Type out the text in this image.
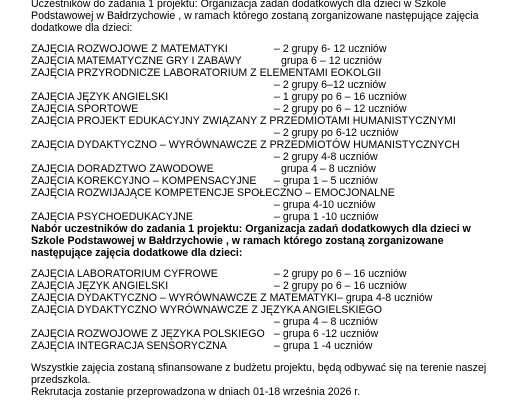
Uczestników do zadania 1 projektu: Organizacja zadań dodatkowych dla dzieci w Szkole
Podstawowej w Bałdrzychowie , w ramach którego zostaną zorganizowane następujące zajęcia
dodatkowe dla dzieci:
ZAJĘCIA ROZWOJOWE Z MATEMATYKI	– 2 grupy 6- 12 uczniów
ZAJĘCIA MATEMATYCZNE GRY I ZABAWY	grupa 6 – 12 uczniów
ZAJĘCIA PRZYRODNICZE LABORATORIUM Z ELEMENTAMI EOKOLGII
– 2 grupy 6–12 uczniów
ZAJĘCIA JĘZYK ANGIELSKI	– 1 grupy po 6 – 16 uczniów
ZAJĘCIA SPORTOWE	– 2 grupy po 6 – 12 uczniów
ZAJĘCIA PROJEKT EDUKACYJNY ZWIĄZANY Z PRZEDMIOTAMI HUMANISTYCZNYMI
– 2 grupy po 6-12 uczniów
ZAJĘCIA DYDAKTYCZNO – WYRÓWNAWCZE Z PRZEDMIOTÓW HUMANISTYCZNYCH
– 2 grupy 4-8 uczniów
ZAJĘCIA DORADZTWO ZAWODOWE	grupa 4 – 8 uczniów
ZAJĘCIA KOREKCYJNO – KOMPENSACYJNE – grupa 1 – 5 uczniów
ZAJĘCIA ROZWIJAJĄCE KOMPETENCJE SPOŁECZNO – EMOCJONALNE
– grupa 4-10 uczniów
ZAJĘCIA PSYCHOEDUKACYJNE	– grupa 1 -10 uczniów
Nabór uczestników do zadania 1 projektu: Organizacja zadań dodatkowych dla dzieci w
Szkole Podstawowej w Bałdrzychowie , w ramach którego zostaną zorganizowane
następujące zajęcia dodatkowe dla dzieci:
ZAJĘCIA LABORATORIUM CYFROWE	– 2 grupy po 6 – 16 uczniów
ZAJĘCIA JĘZYK ANGIELSKI	– 2 grupy po 6 – 16 uczniów
ZAJĘCIA DYDAKTYCZNO – WYRÓWNAWCZE Z MATEMATYKI – grupa 4-8 uczniów
ZAJĘCIA DYDAKTYCZNO WYRÓWNAWCZE Z JĘZYKA ANGIELSKIEGO
– grupa 4 – 8 uczniów
ZAJĘCIA ROZWOJOWE Z JĘZYKA POLSKIEGO – grupa 6 -12 uczniów
ZAJĘCIA INTEGRACJA SENSORYCZNA	– grupa 1 -4 uczniów
Wszystkie zajęcia zostaną sfinansowane z budżetu projektu, będą odbywać się na terenie naszej
przedszkola.
Rekrutacja zostanie przeprowadzona w dniach 01-18 września 2026 r.
